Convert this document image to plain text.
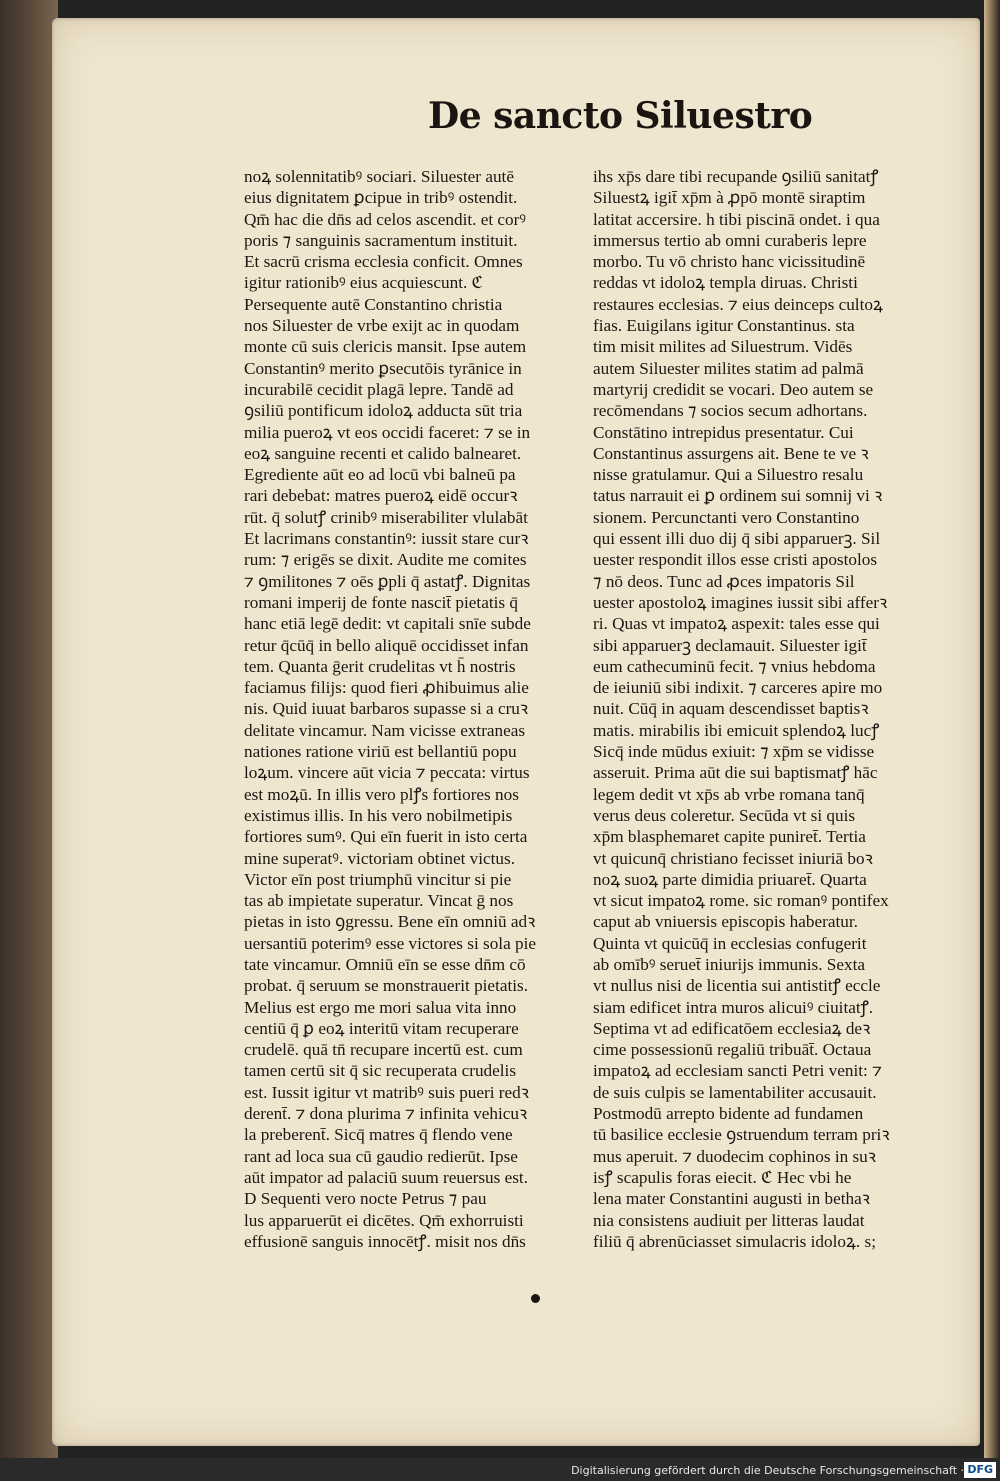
De sancto Siluestro
noꝝ solennitatibꝰ sociari. Siluester autē
eius dignitatem ꝑcipue in tribꝰ ostendit.
Qm̄ hac die dn̄s ad celos ascendit. et corꝰ
poris ⁊ sanguinis sacramentum instituit.
Et sacrū crisma ecclesia conficit. Omnes
igitur rationibꝰ eius acquiescunt. ℭ
Persequente autē Constantino christia
nos Siluester de vrbe exijt ac in quodam
monte cū suis clericis mansit. Ipse autem
Constantinꝰ merito ꝑsecutōis tyrānice in
incurabilē cecidit plagā lepre. Tandē ad
ꝯsiliū pontificum idoloꝝ adducta sūt tria
milia pueroꝝ vt eos occidi faceret: ⁊ se in
eoꝝ sanguine recenti et calido balnearet.
Egrediente aūt eo ad locū vbi balneū pa
rari debebat: matres pueroꝝ eidē occurꝛ
rūt. q̄ solutꝭ crinibꝰ miserabiliter vlulabāt
Et lacrimans constantinꝰ: iussit stare curꝛ
rum: ⁊ erigēs se dixit. Audite me comites
⁊ ꝯmilitones ⁊ oēs ꝑpli q̄ astatꝭ. Dignitas
romani imperij de fonte nascit̄ pietatis q̄
hanc etiā legē dedit: vt capitali snīe subde
retur q̄cūq̄ in bello aliquē occidisset infan
tem. Quanta ḡerit crudelitas vt h̄ nostris
faciamus filijs: quod fieri ꝓhibuimus alie
nis. Quid iuuat barbaros supasse si a cruꝛ
delitate vincamur. Nam vicisse extraneas
nationes ratione viriū est bellantiū popu
loꝝum. vincere aūt vicia ⁊ peccata: virtus
est moꝝū. In illis vero plꝭs fortiores nos
existimus illis. In his vero nobilmetipis
fortiores sumꝰ. Qui eīn fuerit in isto certa
mine superatꝰ. victoriam obtinet victus.
Victor eīn post triumphū vincitur si pie
tas ab impietate superatur. Vincat ḡ nos
pietas in isto ꝯgressu. Bene eīn omniū adꝛ
uersantiū poterimꝰ esse victores si sola pie
tate vincamur. Omniū eīn se esse dn̄m cō
probat. q̄ seruum se monstrauerit pietatis.
Melius est ergo me mori salua vita inno
centiū q̄ ꝑ eoꝝ interitū vitam recuperare
crudelē. quā tn̄ recupare incertū est. cum
tamen certū sit q̄ sic recuperata crudelis
est. Iussit igitur vt matribꝰ suis pueri redꝛ
derent̄. ⁊ dona plurima ⁊ infinita vehicuꝛ
la preberent̄. Sicq̄ matres q̄ flendo vene
rant ad loca sua cū gaudio redierūt. Ipse
aūt impator ad palaciū suum reuersus est.
D Sequenti vero nocte Petrus ⁊ pau
lus apparuerūt ei dicētes. Qm̄ exhorruisti
effusionē sanguis innocētꝭ. misit nos dn̄s
ihs xp̄s dare tibi recupande ꝯsiliū sanitatꝭ
Siluestꝝ igit̄ xp̄m à ꝓpō montē siraptim
latitat accersire. h tibi piscinā ondet. i qua
immersus tertio ab omni curaberis lepre
morbo. Tu vō christo hanc vicissitudinē
reddas vt idoloꝝ templa diruas. Christi
restaures ecclesias. ⁊ eius deinceps cultoꝝ
fias. Euigilans igitur Constantinus. sta
tim misit milites ad Siluestrum. Vidēs
autem Siluester milites statim ad palmā
martyrij credidit se vocari. Deo autem se
recōmendans ⁊ socios secum adhortans.
Constātino intrepidus presentatur. Cui
Constantinus assurgens ait. Bene te ve ꝛ
nisse gratulamur. Qui a Siluestro resalu
tatus narrauit ei ꝑ ordinem sui somnij vi ꝛ
sionem. Percunctanti vero Constantino
qui essent illi duo dij q̄ sibi apparuerꝫ. Sil
uester respondit illos esse cristi apostolos
⁊ nō deos. Tunc ad ꝓces impatoris Sil
uester apostoloꝝ imagines iussit sibi afferꝛ
ri. Quas vt impatoꝝ aspexit: tales esse qui
sibi apparuerꝫ declamauit. Siluester igit̄
eum cathecuminū fecit. ⁊ vnius hebdoma
de ieiuniū sibi indixit. ⁊ carceres apire mo
nuit. Cūq̄ in aquam descendisset baptisꝛ
matis. mirabilis ibi emicuit splendoꝝ lucꝭ
Sicq̄ inde mūdus exiuit: ⁊ xp̄m se vidisse
asseruit. Prima aūt die sui baptismatꝭ hāc
legem dedit vt xp̄s ab vrbe romana tanq̄
verus deus coleretur. Secūda vt si quis
xp̄m blasphemaret capite puniret̄. Tertia
vt quicunq̄ christiano fecisset iniuriā boꝛ
noꝝ suoꝝ parte dimidia priuaret̄. Quarta
vt sicut impatoꝝ rome. sic romanꝰ pontifex
caput ab vniuersis episcopis haberatur.
Quinta vt quicūq̄ in ecclesias confugerit
ab omībꝰ seruet̄ iniurijs immunis. Sexta
vt nullus nisi de licentia sui antistitꝭ eccle
siam edificet intra muros alicuiꝰ ciuitatꝭ.
Septima vt ad edificatōem ecclesiaꝝ deꝛ
cime possessionū regaliū tribuāt̄. Octaua
impatoꝝ ad ecclesiam sancti Petri venit: ⁊
de suis culpis se lamentabiliter accusauit.
Postmodū arrepto bidente ad fundamen
tū basilice ecclesie ꝯstruendum terram priꝛ
mus aperuit. ⁊ duodecim cophinos in suꝛ
isꝭ scapulis foras eiecit. ℭ Hec vbi he
lena mater Constantini augusti in bethaꝛ
nia consistens audiuit per litteras laudat
filiū q̄ abrenūciasset simulacris idoloꝝ. s;
Digitalisierung gefördert durch die Deutsche Forschungsgemeinschaft · DFG
